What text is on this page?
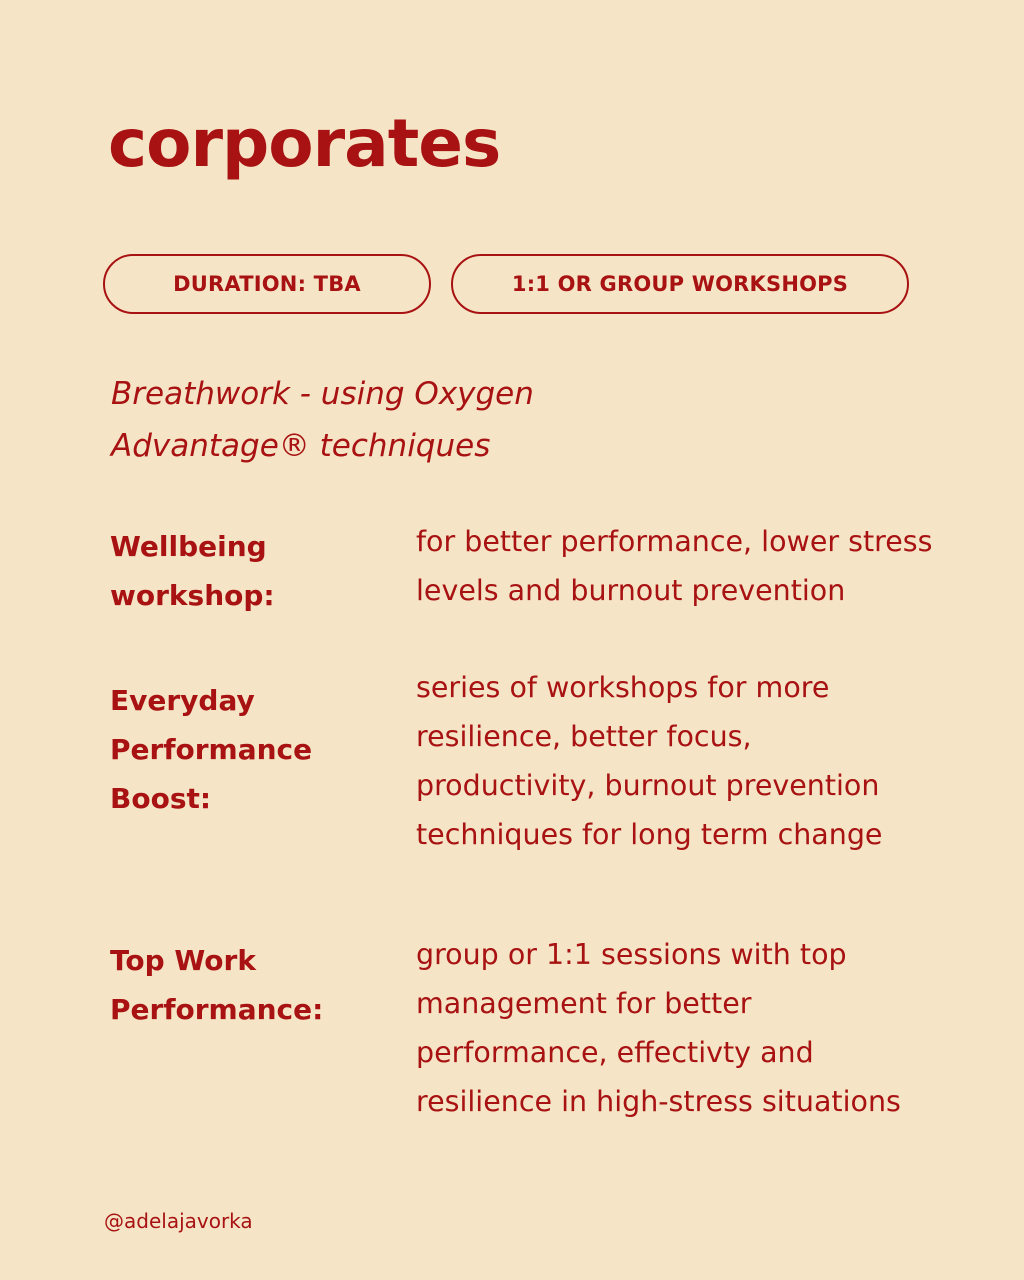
corporates
DURATION: TBA	1:1 OR GROUP WORKSHOPS
Breathwork - using Oxygen
Advantage® techniques
Wellbeing
workshop:
for better performance, lower stress
levels and burnout prevention
Everyday
Performance
Boost:
series of workshops for more
resilience, better focus,
productivity, burnout prevention
techniques for long term change
Top Work
Performance:
group or 1:1 sessions with top
management for better
performance, effectivty and
resilience in high-stress situations
@adelajavorka
